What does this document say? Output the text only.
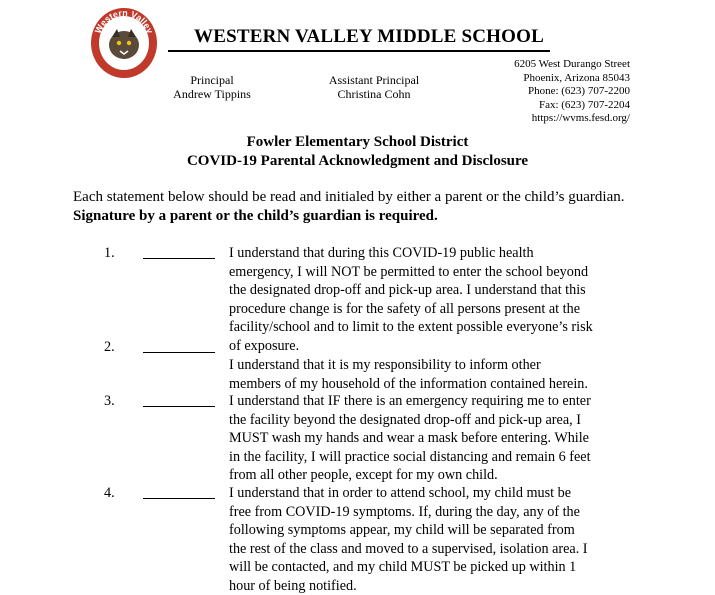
Western Valley
Schools
WESTERN VALLEY MIDDLE SCHOOL
Principal
Andrew Tippins
Assistant Principal
Christina Cohn
6205 West Durango Street
Phoenix, Arizona 85043
Phone: (623) 707-2200
Fax: (623) 707-2204
https://wvms.fesd.org/
Fowler Elementary School District
COVID-19 Parental Acknowledgment and Disclosure
Each statement below should be read and initialed by either a parent or the child’s guardian. Signature by a parent or the child’s guardian is required.
1.	I understand that during this COVID-19 public health
emergency, I will NOT be permitted to enter the school beyond
the designated drop-off and pick-up area. I understand that this
procedure change is for the safety of all persons present at the
facility/school and to limit to the extent possible everyone’s risk
of exposure.
2.
I understand that it is my responsibility to inform other
members of my household of the information contained herein.
3.	I understand that IF there is an emergency requiring me to enter
the facility beyond the designated drop-off and pick-up area, I
MUST wash my hands and wear a mask before entering. While
in the facility, I will practice social distancing and remain 6 feet
from all other people, except for my own child.
4.	I understand that in order to attend school, my child must be
free from COVID-19 symptoms. If, during the day, any of the
following symptoms appear, my child will be separated from
the rest of the class and moved to a supervised, isolation area. I
will be contacted, and my child MUST be picked up within 1
hour of being notified.
